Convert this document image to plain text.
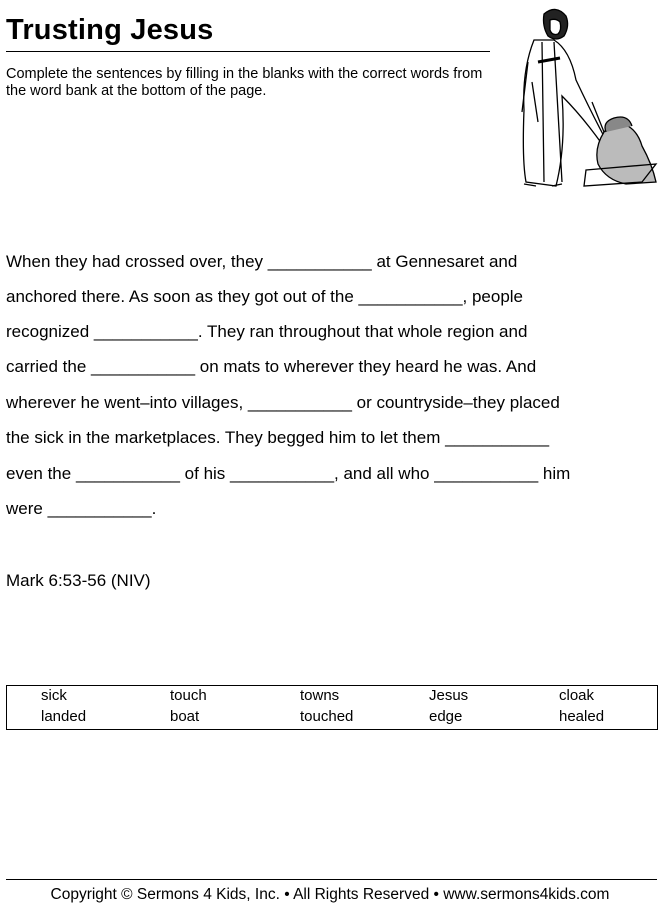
Trusting Jesus
Complete the sentences by filling in the blanks with the correct words from the word bank at the bottom of the page.
When they had crossed over, they ___________ at Gennesaret and
anchored there. As soon as they got out of the ___________, people
recognized ___________. They ran throughout that whole region and
carried the ___________ on mats to wherever they heard he was. And
wherever he went–into villages, ___________ or countryside–they placed
the sick in the marketplaces. They begged him to let them ___________
even the ___________ of his ___________, and all who ___________ him
were ___________.
Mark 6:53-56 (NIV)
sick	touch	towns	Jesus	cloak
landed	boat	touched	edge	healed
Copyright © Sermons 4 Kids, Inc. • All Rights Reserved • www.sermons4kids.com
